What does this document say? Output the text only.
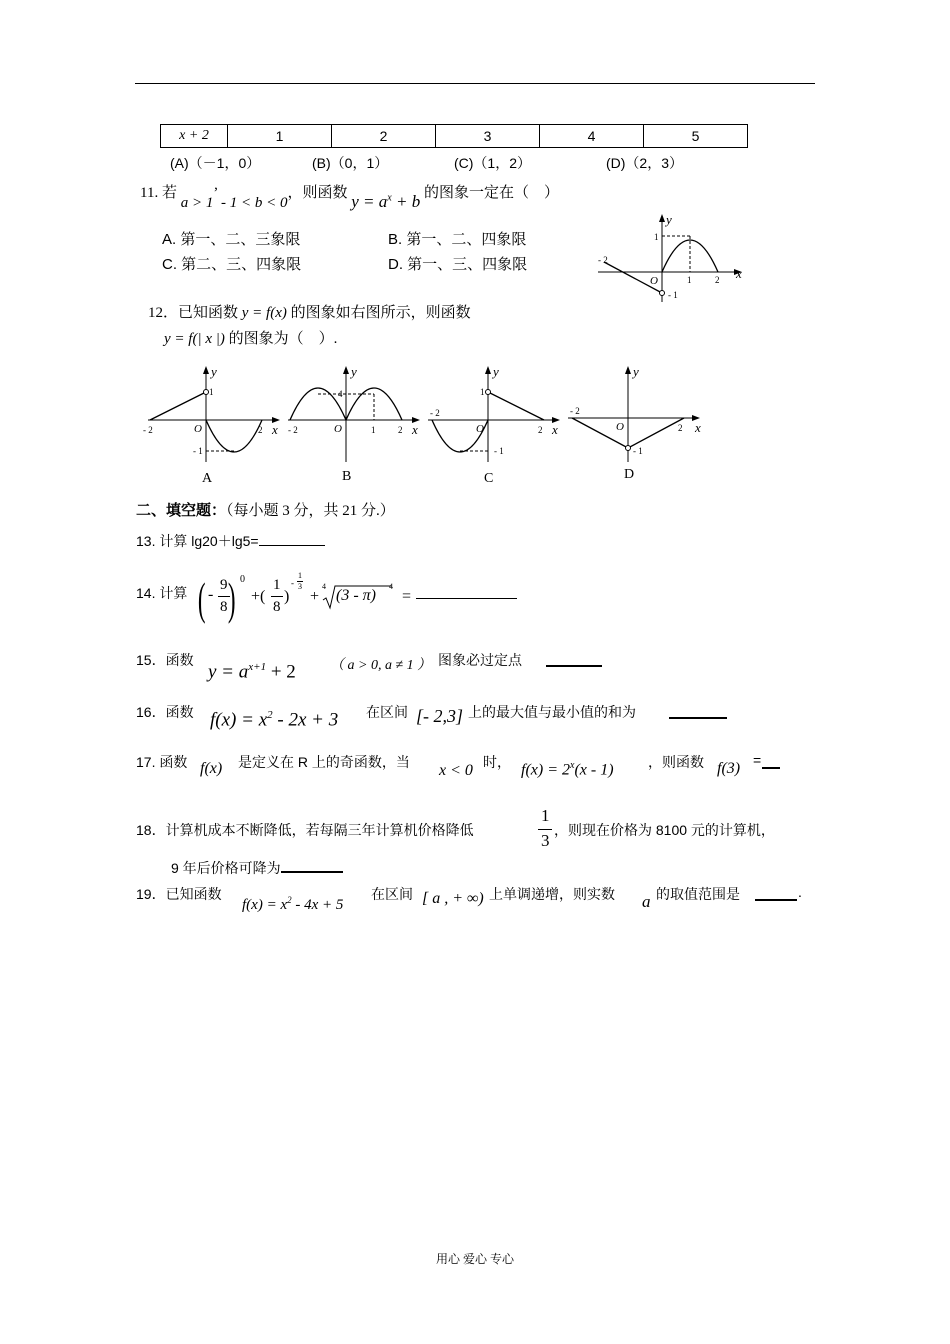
x + 2	1	2	3	4	5
(A)（－1，0）	(B)（0，1）	(C)（1，2）	(D)（2，3）
11. 若 a > 1’ - 1 < b < 0，则函数 $y = a^x + b$ 的图象一定在（　）
A. 第一、二、三象限	B. 第一、二、四象限
C. 第二、三、四象限	D. 第一、三、四象限
y
x
- 2
1
1	2
O
- 1
12．已知函数 y = f(x) 的图象如右图所示，则函数
y = f(| x |) 的图象为（　）.
y
x
- 2
1
2
O
- 1
A
y
x
- 2
4
1	2
O
B
y
x
- 2
1
2
O
- 1
C
y
x
- 2
2
O
- 1
D
二、填空题：（每小题 3 分，共 21 分.）
13. 计算 lg20＋lg5=
14. 计算 ( -
9
8 ) 0
+(
1
8
)
-
1
3
+
4
(3 - π)
4
=
15．函数
$y = a^{x+1} + 2$ （ a > 0, a ≠ 1 ） 图象必过定点
16．函数 $f(x) = x^2 - 2x + 3$ 在区间 [- 2,3] 上的最大值与最小值的和为
17. 函数 f(x) 是定义在 R 上的奇函数，当 x < 0 时， $f(x) = 2^x(x - 1)$ ，则函数 f(3) =
18．计算机成本不断降低，若每隔三年计算机价格降低
1
3
，则现在价格为 8100 元的计算机，
9 年后价格可降为
19．已知函数
$f(x) = x^2 - 4x + 5$
在区间 [ a , + ∞) 上单调递增，则实数 a 的取值范围是	.
用心 爱心 专心
